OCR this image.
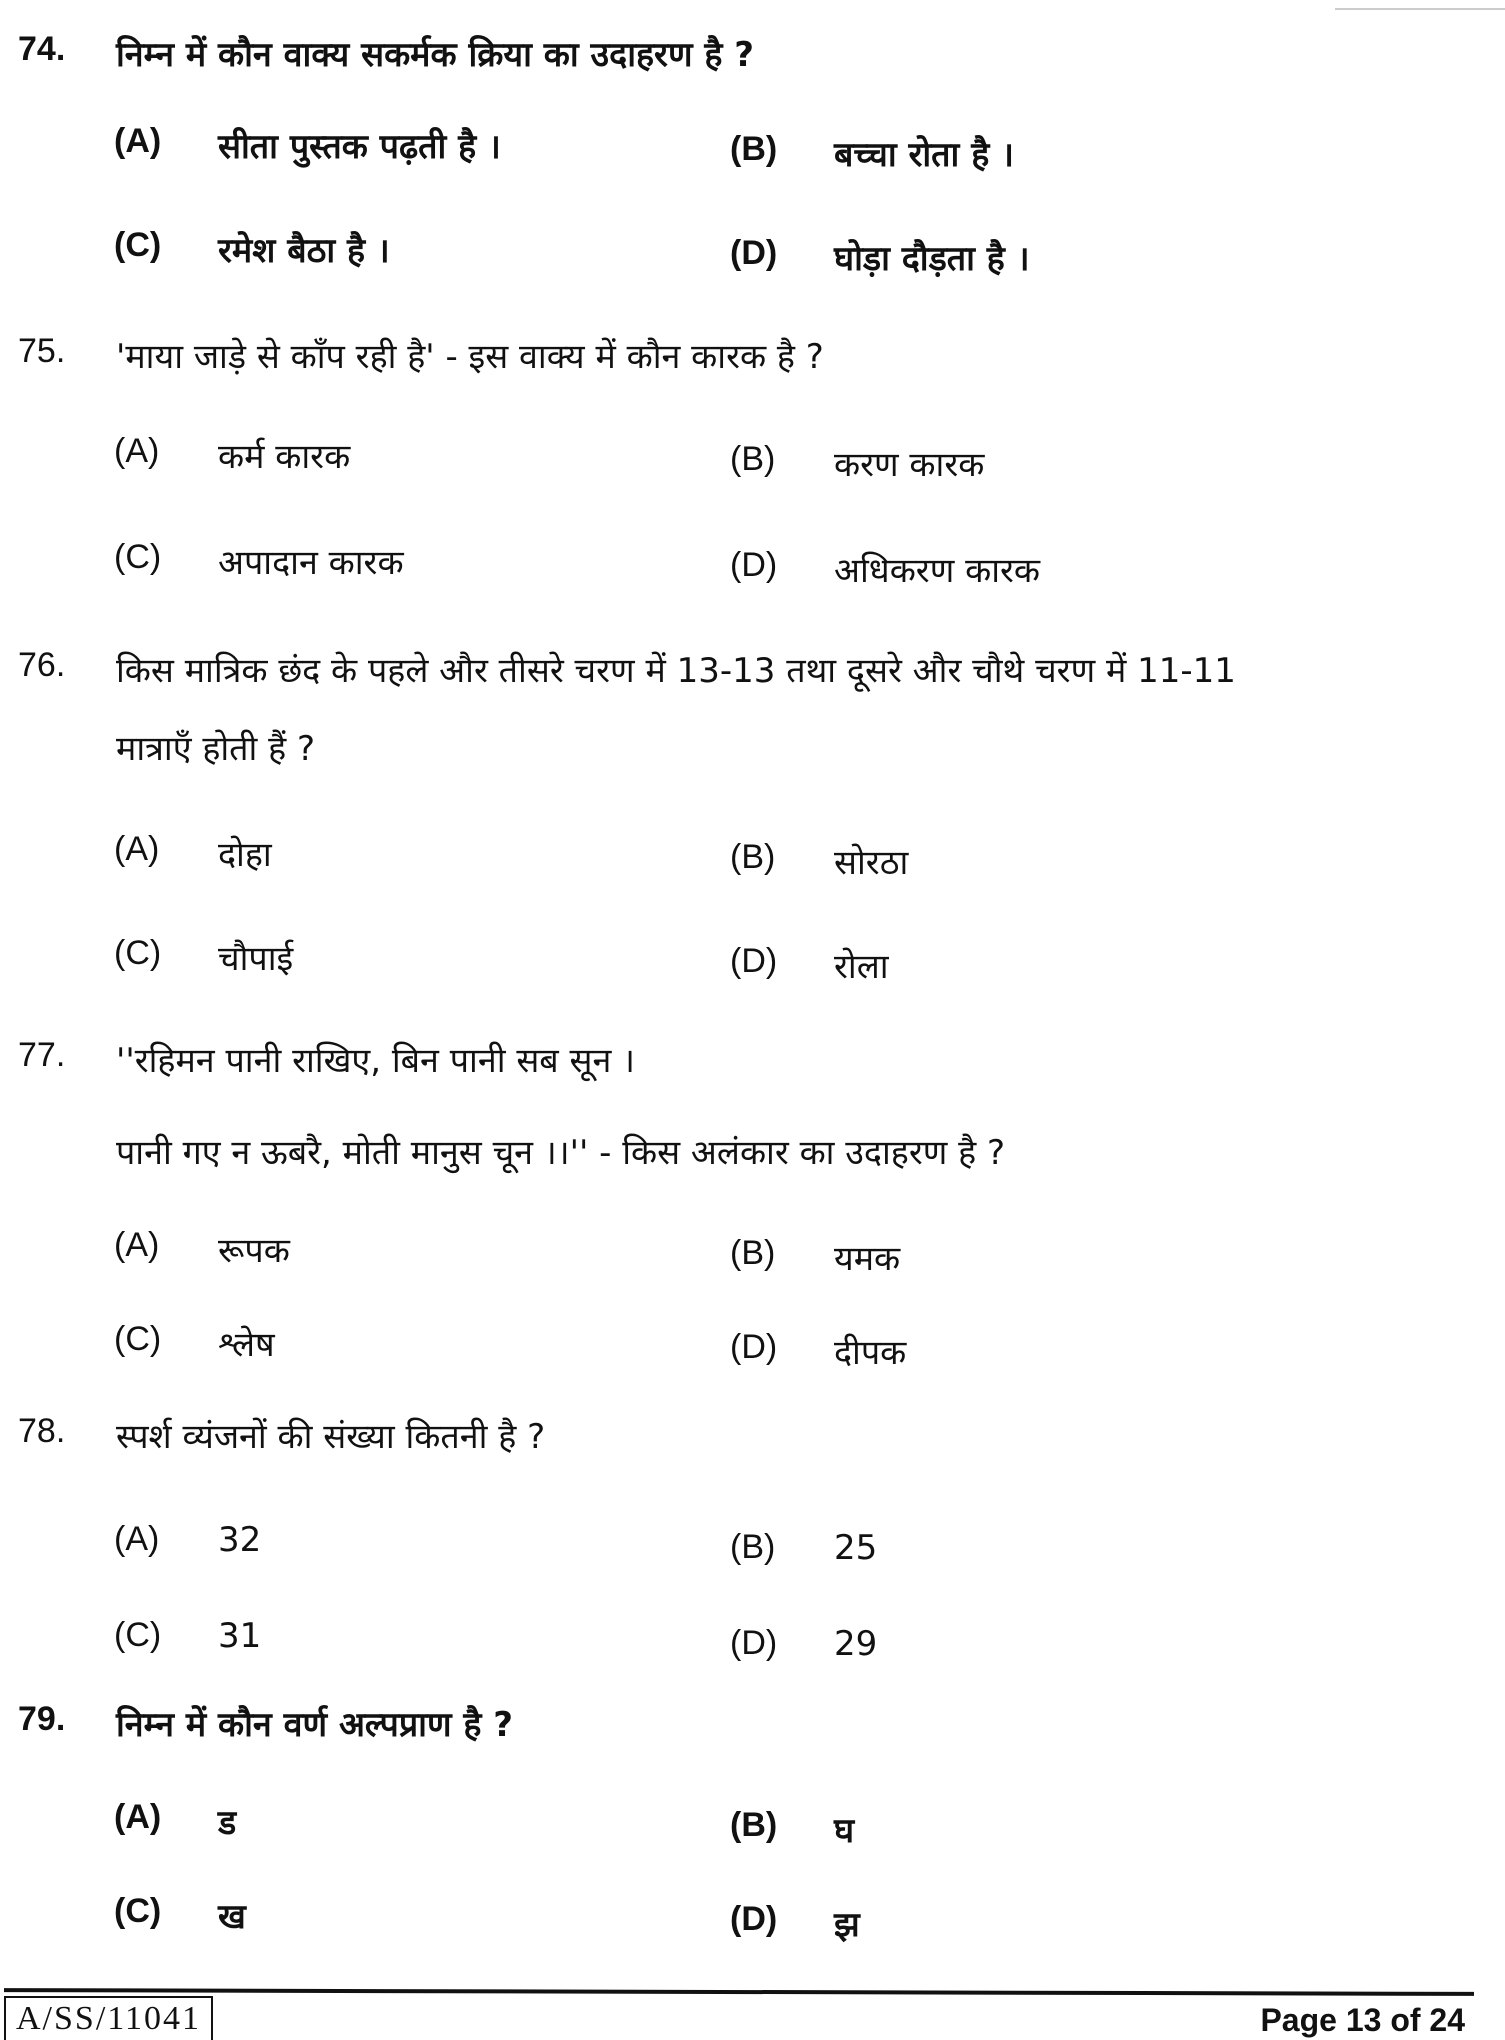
74. निम्न में कौन वाक्य सकर्मक क्रिया का उदाहरण है ?
(A) सीता पुस्तक पढ़ती है ।	(B) बच्चा रोता है ।
(C) रमेश बैठा है ।	(D) घोड़ा दौड़ता है ।
75. 'माया जाड़े से काँप रही है' - इस वाक्य में कौन कारक है ?
(A) कर्म कारक	(B) करण कारक
(C) अपादान कारक	(D) अधिकरण कारक
76. किस मात्रिक छंद के पहले और तीसरे चरण में 13-13 तथा दूसरे और चौथे चरण में 11-11
मात्राएँ होती हैं ?
(A) दोहा	(B) सोरठा
(C) चौपाई	(D) रोला
77. ''रहिमन पानी राखिए, बिन पानी सब सून ।
पानी गए न ऊबरै, मोती मानुस चून ।।'' - किस अलंकार का उदाहरण है ?
(A) रूपक	(B) यमक
(C) श्लेष	(D) दीपक
78. स्पर्श व्यंजनों की संख्या कितनी है ?
(A) 32	(B) 25
(C) 31	(D) 29
79. निम्न में कौन वर्ण अल्पप्राण है ?
(A) ड	(B) घ
(C) ख	(D) झ
A/SS/11041	Page 13 of 24
